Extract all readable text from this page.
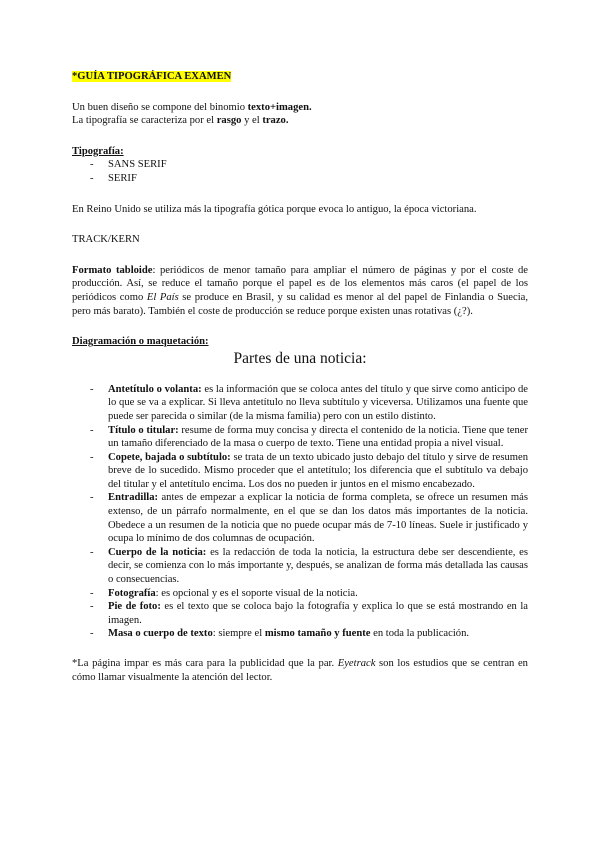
*GUÍA TIPOGRÁFICA EXAMEN

Un buen diseño se compone del binomio texto+imagen.

La tipografía se caracteriza por el rasgo y el trazo.

Tipografía:

- SANS SERIF
- SERIF

En Reino Unido se utiliza más la tipografía gótica porque evoca lo antiguo, la época victoriana.

TRACK/KERN

Formato tabloide: periódicos de menor tamaño para ampliar el número de páginas y por el coste de producción. Así, se reduce el tamaño porque el papel es de los elementos más caros (el papel de los periódicos como El País se produce en Brasil, y su calidad es menor al del papel de Finlandia o Suecia, pero más barato). También el coste de producción se reduce porque existen unas rotativas (¿?).

Diagramación o maquetación:

Partes de una noticia:
- Antetítulo o volanta: es la información que se coloca antes del título y que sirve como anticipo de lo que se va a explicar. Si lleva antetítulo no lleva subtítulo y viceversa. Utilizamos una fuente que puede ser parecida o similar (de la misma familia) pero con un estilo distinto.
- Título o titular: resume de forma muy concisa y directa el contenido de la noticia. Tiene que tener un tamaño diferenciado de la masa o cuerpo de texto. Tiene una entidad propia a nivel visual.
- Copete, bajada o subtítulo: se trata de un texto ubicado justo debajo del título y sirve de resumen breve de lo sucedido. Mismo proceder que el antetítulo; los diferencia que el subtítulo va debajo del titular y el antetítulo encima. Los dos no pueden ir juntos en el mismo encabezado.
- Entradilla: antes de empezar a explicar la noticia de forma completa, se ofrece un resumen más extenso, de un párrafo normalmente, en el que se dan los datos más importantes de la noticia. Obedece a un resumen de la noticia que no puede ocupar más de 7-10 líneas. Suele ir justificado y ocupa lo mínimo de dos columnas de ocupación.
- Cuerpo de la noticia: es la redacción de toda la noticia, la estructura debe ser descendiente, es decir, se comienza con lo más importante y, después, se analizan de forma más detallada las causas o consecuencias.
- Fotografía: es opcional y es el soporte visual de la noticia.
- Pie de foto: es el texto que se coloca bajo la fotografía y explica lo que se está mostrando en la imagen.
- Masa o cuerpo de texto: siempre el mismo tamaño y fuente en toda la publicación.

*La página impar es más cara para la publicidad que la par. Eyetrack son los estudios que se centran en cómo llamar visualmente la atención del lector.
